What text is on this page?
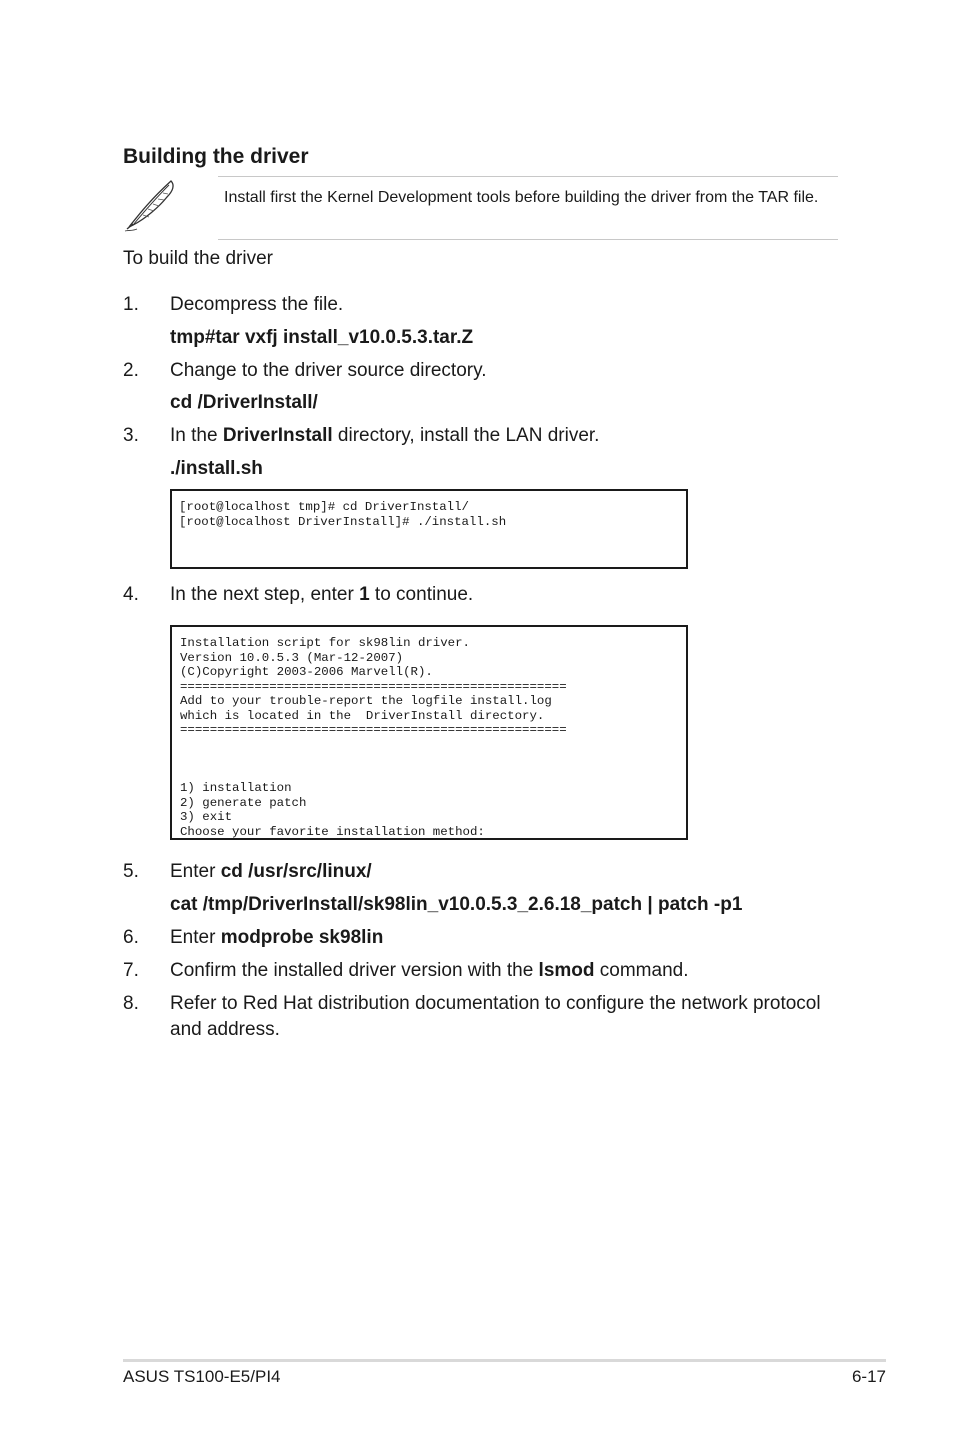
Building the driver
Install first the Kernel Development tools before building the driver from the TAR file.
To build the driver
1.	Decompress the file.
tmp#tar vxfj install_v10.0.5.3.tar.Z
2.	Change to the driver source directory.
cd /DriverInstall/
3.	In the DriverInstall directory, install the LAN driver.
./install.sh
[root@localhost tmp]# cd DriverInstall/
[root@localhost DriverInstall]# ./install.sh
4.	In the next step, enter 1 to continue.
Installation script for sk98lin driver.
Version 10.0.5.3 (Mar-12-2007)
(C)Copyright 2003-2006 Marvell(R).
====================================================
Add to your trouble-report the logfile install.log
which is located in the  DriverInstall directory.
====================================================

1) installation
2) generate patch
3) exit
Choose your favorite installation method:
5.	Enter cd /usr/src/linux/
cat /tmp/DriverInstall/sk98lin_v10.0.5.3_2.6.18_patch | patch -p1
6.	Enter modprobe sk98lin
7.	Confirm the installed driver version with the lsmod command.
8.	Refer to Red Hat distribution documentation to configure the network protocol
and address.
ASUS TS100-E5/PI4	6-17
